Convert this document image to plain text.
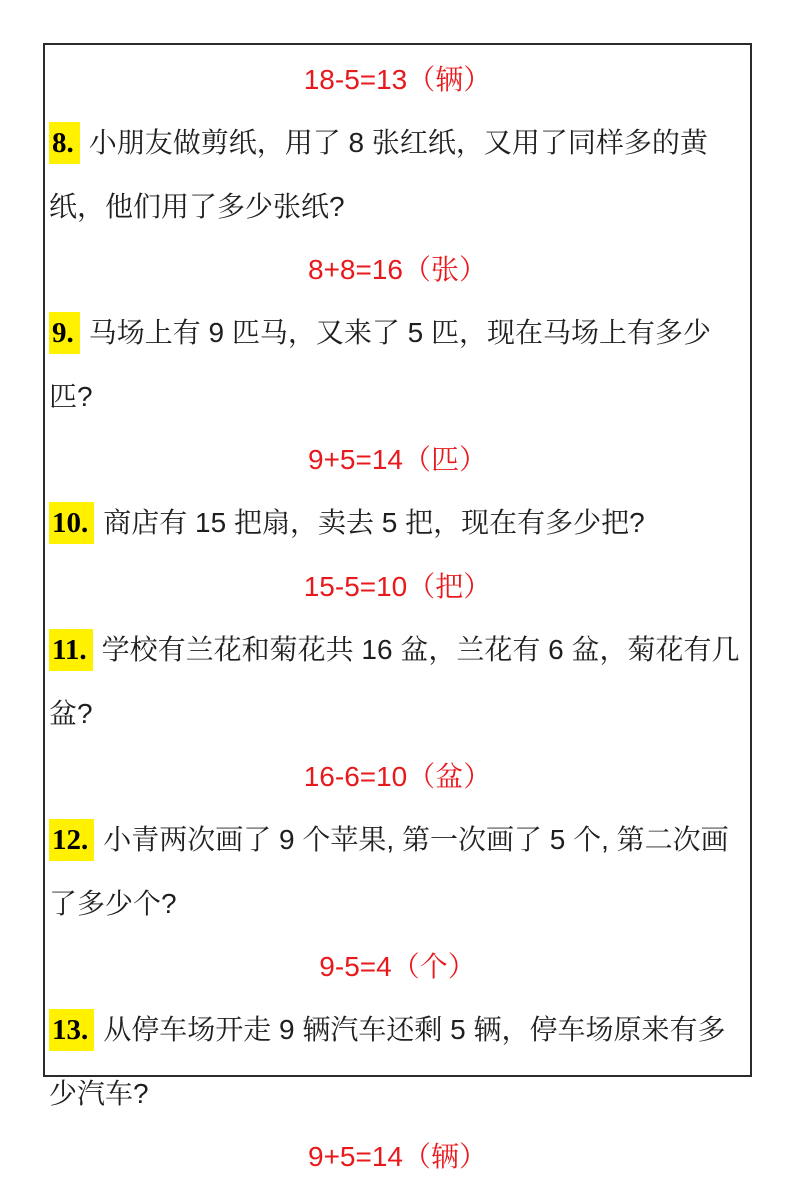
18-5=13（辆）
8. 小朋友做剪纸，用了 8 张红纸，又用了同样多的黄纸，他们用了多少张纸?
8+8=16（张）
9. 马场上有 9 匹马，又来了 5 匹，现在马场上有多少匹?
9+5=14（匹）
10. 商店有 15 把扇，卖去 5 把，现在有多少把?
15-5=10（把）
11. 学校有兰花和菊花共 16 盆，兰花有 6 盆，菊花有几盆?
16-6=10（盆）
12. 小青两次画了 9 个苹果, 第一次画了 5 个, 第二次画了多少个?
9-5=4（个）
13. 从停车场开走 9 辆汽车还剩 5 辆，停车场原来有多少汽车?
9+5=14（辆）
